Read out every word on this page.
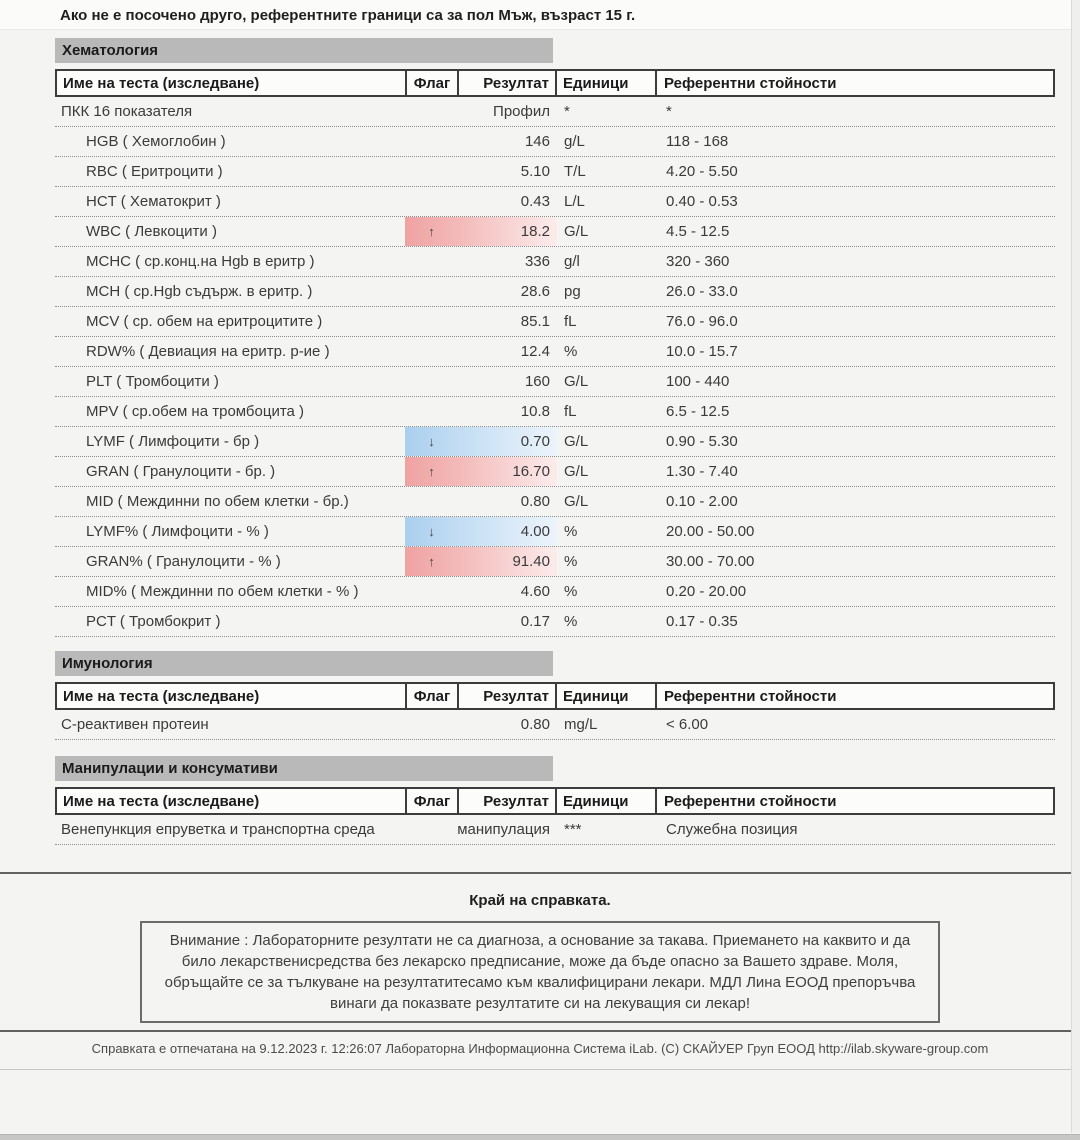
Ако не е посочено друго, референтните граници са за пол Мъж, възраст 15 г.
Хематология
Име на теста (изследване)	Флаг	Резултат Единици	Референтни стойности
ПКК 16 показателя	Профил *	*
HGB ( Хемоглобин )	146 g/L	118 - 168
RBC ( Еритроцити )	5.10 T/L	4.20 - 5.50
HCT ( Хематокрит )	0.43 L/L	0.40 - 0.53
WBC ( Левкоцити )	↑	18.2 G/L	4.5 - 12.5
MCHC ( ср.конц.на Hgb в еритр )	336 g/l	320 - 360
MCH ( ср.Hgb съдърж. в еритр. )	28.6 pg	26.0 - 33.0
MCV ( ср. обем на еритроцитите )	85.1 fL	76.0 - 96.0
RDW% ( Девиация на еритр. р-ие )	12.4 %	10.0 - 15.7
PLT ( Тромбоцити )	160 G/L	100 - 440
MPV ( ср.обем на тромбоцита )	10.8 fL	6.5 - 12.5
LYMF ( Лимфоцити - бр )	↓	0.70 G/L	0.90 - 5.30
GRAN ( Гранулоцити - бр. )	↑	16.70 G/L	1.30 - 7.40
MID ( Междинни по обем клетки - бр.)	0.80 G/L	0.10 - 2.00
LYMF% ( Лимфоцити - % )	↓	4.00 %	20.00 - 50.00
GRAN% ( Гранулоцити - % )	↑	91.40 %	30.00 - 70.00
MID% ( Междинни по обем клетки - % )	4.60 %	0.20 - 20.00
PCT ( Тромбокрит )	0.17 %	0.17 - 0.35
Имунология
Име на теста (изследване)	Флаг	Резултат Единици	Референтни стойности
С-реактивен протеин	0.80 mg/L	< 6.00
Манипулации и консумативи
Име на теста (изследване)	Флаг	Резултат Единици	Референтни стойности
Венепункция епруветка и транспортна среда	манипулация ***	Служебна позиция
Край на справката.
Внимание : Лабораторните резултати не са диагноза, а основание за такава. Приемането на каквито и да било лекарственисредства без лекарско предписание, може да бъде опасно за Вашето здраве. Моля, обръщайте се за тълкуване на резултатитесамо към квалифицирани лекари. МДЛ Лина ЕООД препоръчва винаги да показвате резултатите си на лекуващия си лекар!
Справката е отпечатана на 9.12.2023 г. 12:26:07 Лабораторна Информационна Система iLab. (С) СКАЙУЕР Груп ЕООД http://ilab.skyware-group.com
